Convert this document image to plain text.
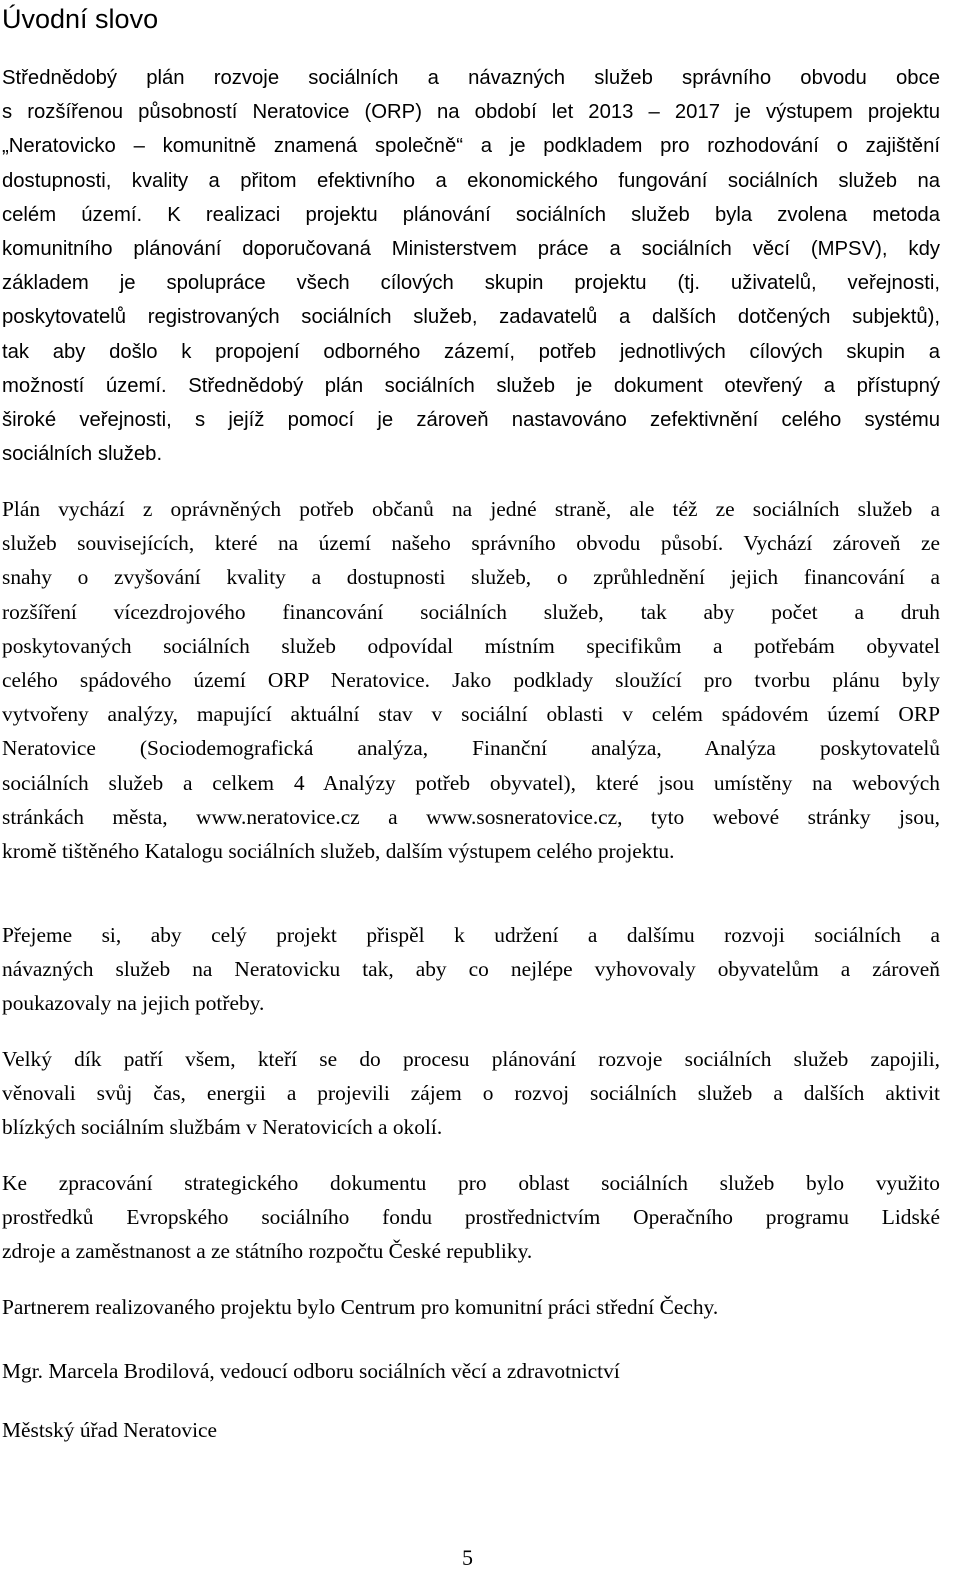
Úvodní slovo

Střednědobý plán rozvoje sociálních a návazných služeb správního obvodu obce
s rozšířenou působností Neratovice (ORP) na období let 2013 – 2017 je výstupem projektu
„Neratovicko – komunitně znamená společně“ a je podkladem pro rozhodování o zajištění
dostupnosti, kvality a přitom efektivního a ekonomického fungování sociálních služeb na
celém území. K realizaci projektu plánování sociálních služeb byla zvolena metoda
komunitního plánování doporučovaná Ministerstvem práce a sociálních věcí (MPSV), kdy
základem je spolupráce všech cílových skupin projektu (tj. uživatelů, veřejnosti,
poskytovatelů registrovaných sociálních služeb, zadavatelů a dalších dotčených subjektů),
tak aby došlo k propojení odborného zázemí, potřeb jednotlivých cílových skupin a
možností území. Střednědobý plán sociálních služeb je dokument otevřený a přístupný
široké veřejnosti, s jejíž pomocí je zároveň nastavováno zefektivnění celého systému
sociálních služeb.

Plán vychází z oprávněných potřeb občanů na jedné straně, ale též ze sociálních služeb a
služeb souvisejících, které na území našeho správního obvodu působí. Vychází zároveň ze
snahy o zvyšování kvality a dostupnosti služeb, o zprůhlednění jejich financování a
rozšíření vícezdrojového financování sociálních služeb, tak aby počet a druh
poskytovaných sociálních služeb odpovídal místním specifikům a potřebám obyvatel
celého spádového území ORP Neratovice. Jako podklady sloužící pro tvorbu plánu byly
vytvořeny analýzy, mapující aktuální stav v sociální oblasti v celém spádovém území ORP
Neratovice (Sociodemografická analýza, Finanční analýza, Analýza poskytovatelů
sociálních služeb a celkem 4 Analýzy potřeb obyvatel), které jsou umístěny na webových
stránkách města, www.neratovice.cz a www.sosneratovice.cz, tyto webové stránky jsou,
kromě tištěného Katalogu sociálních služeb, dalším výstupem celého projektu.

Přejeme si, aby celý projekt přispěl k udržení a dalšímu rozvoji sociálních a
návazných služeb na Neratovicku tak, aby co nejlépe vyhovovaly obyvatelům a zároveň
poukazovaly na jejich potřeby.

Velký dík patří všem, kteří se do procesu plánování rozvoje sociálních služeb zapojili,
věnovali svůj čas, energii a projevili zájem o rozvoj sociálních služeb a dalších aktivit
blízkých sociálním službám v Neratovicích a okolí.

Ke zpracování strategického dokumentu pro oblast sociálních služeb bylo využito
prostředků Evropského sociálního fondu prostřednictvím Operačního programu Lidské
zdroje a zaměstnanost a ze státního rozpočtu České republiky.

Partnerem realizovaného projektu bylo Centrum pro komunitní práci střední Čechy.

Mgr. Marcela Brodilová, vedoucí odboru sociálních věcí a zdravotnictví

Městský úřad Neratovice

5
